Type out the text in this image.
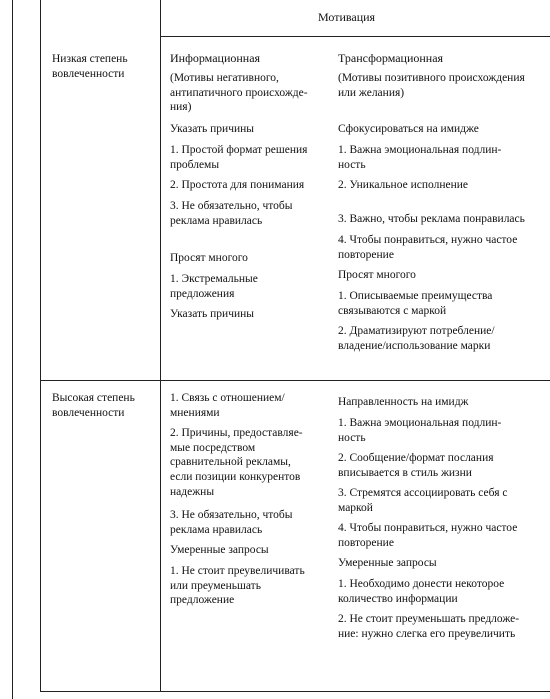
Мотивация
Низкая степень
вовлеченности
Информационная
(Мотивы негативного,
антипатичного происхожде-
ния)
Указать причины
1. Простой формат решения
проблемы
2. Простота для понимания
3. Не обязательно, чтобы
реклама нравилась
Просят многого
1. Экстремальные
предложения
Указать причины
Трансформационная
(Мотивы позитивного происхождения
или желания)
Сфокусироваться на имидже
1. Важна эмоциональная подлин-
ность
2. Уникальное исполнение
3. Важно, чтобы реклама понравилась
4. Чтобы понравиться, нужно частое
повторение
Просят многого
1. Описываемые преимущества
связываются с маркой
2. Драматизируют потребление/
владение/использование марки
Высокая степень
вовлеченности
1. Связь с отношением/
мнениями
2. Причины, предоставляе-
мые посредством
сравнительной рекламы,
если позиции конкурентов
надежны
3. Не обязательно, чтобы
реклама нравилась
Умеренные запросы
1. Не стоит преувеличивать
или преуменьшать
предложение
Направленность на имидж
1. Важна эмоциональная подлин-
ность
2. Сообщение/формат послания
вписывается в стиль жизни
3. Стремятся ассоциировать себя с
маркой
4. Чтобы понравиться, нужно частое
повторение
Умеренные запросы
1. Необходимо донести некоторое
количество информации
2. Не стоит преуменьшать предложе-
ние: нужно слегка его преувеличить
